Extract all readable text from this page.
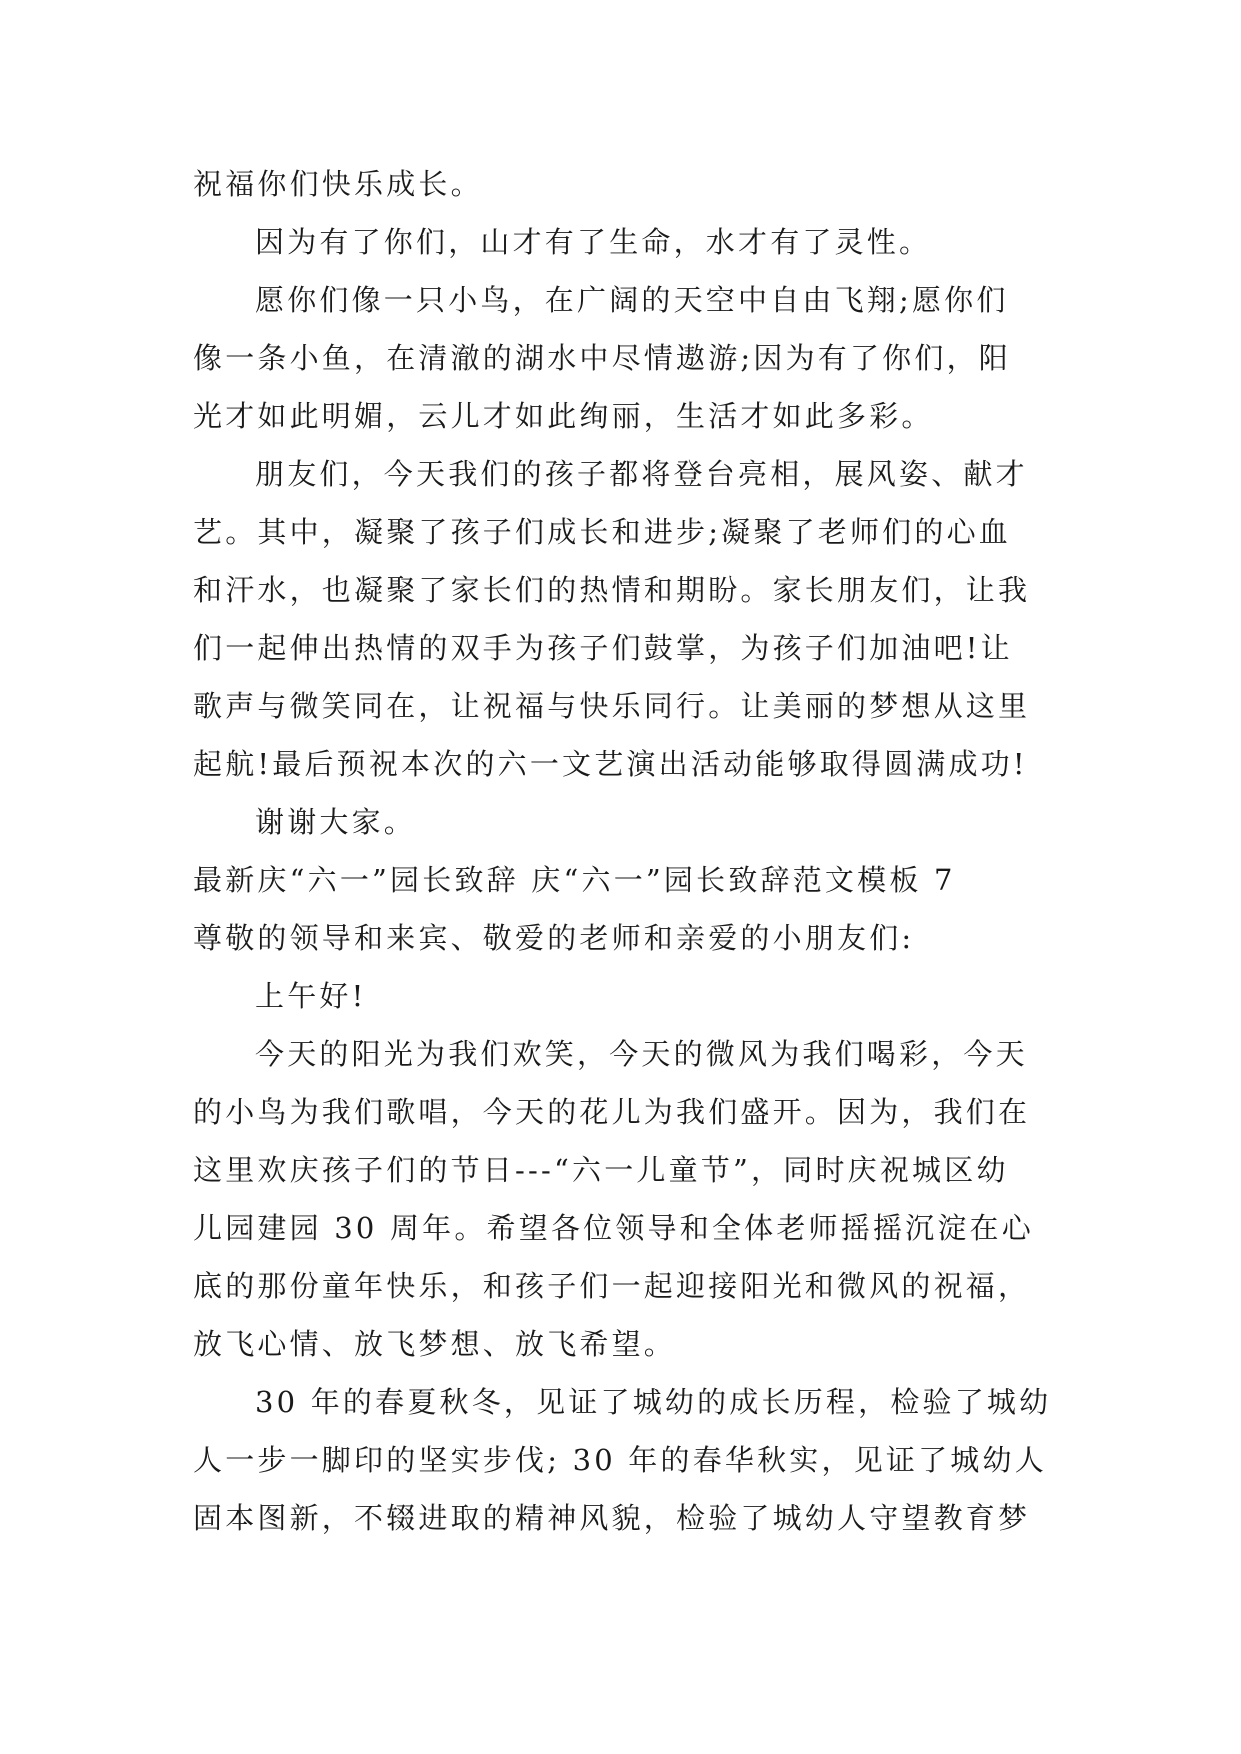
祝福你们快乐成长。
因为有了你们，山才有了生命，水才有了灵性。
愿你们像一只小鸟，在广阔的天空中自由飞翔;愿你们
像一条小鱼，在清澈的湖水中尽情遨游;因为有了你们，阳
光才如此明媚，云儿才如此绚丽，生活才如此多彩。
朋友们，今天我们的孩子都将登台亮相，展风姿、献才
艺。其中，凝聚了孩子们成长和进步;凝聚了老师们的心血
和汗水，也凝聚了家长们的热情和期盼。家长朋友们，让我
们一起伸出热情的双手为孩子们鼓掌，为孩子们加油吧!让
歌声与微笑同在，让祝福与快乐同行。让美丽的梦想从这里
起航!最后预祝本次的六一文艺演出活动能够取得圆满成功!
谢谢大家。
最新庆“六一”园长致辞 庆“六一”园长致辞范文模板 7
尊敬的领导和来宾、敬爱的老师和亲爱的小朋友们:
上午好!
今天的阳光为我们欢笑，今天的微风为我们喝彩，今天
的小鸟为我们歌唱，今天的花儿为我们盛开。因为，我们在
这里欢庆孩子们的节日---“六一儿童节”，同时庆祝城区幼
儿园建园 30 周年。希望各位领导和全体老师摇摇沉淀在心
底的那份童年快乐，和孩子们一起迎接阳光和微风的祝福，
放飞心情、放飞梦想、放飞希望。
30 年的春夏秋冬，见证了城幼的成长历程，检验了城幼
人一步一脚印的坚实步伐; 30 年的春华秋实，见证了城幼人
固本图新，不辍进取的精神风貌，检验了城幼人守望教育梦
